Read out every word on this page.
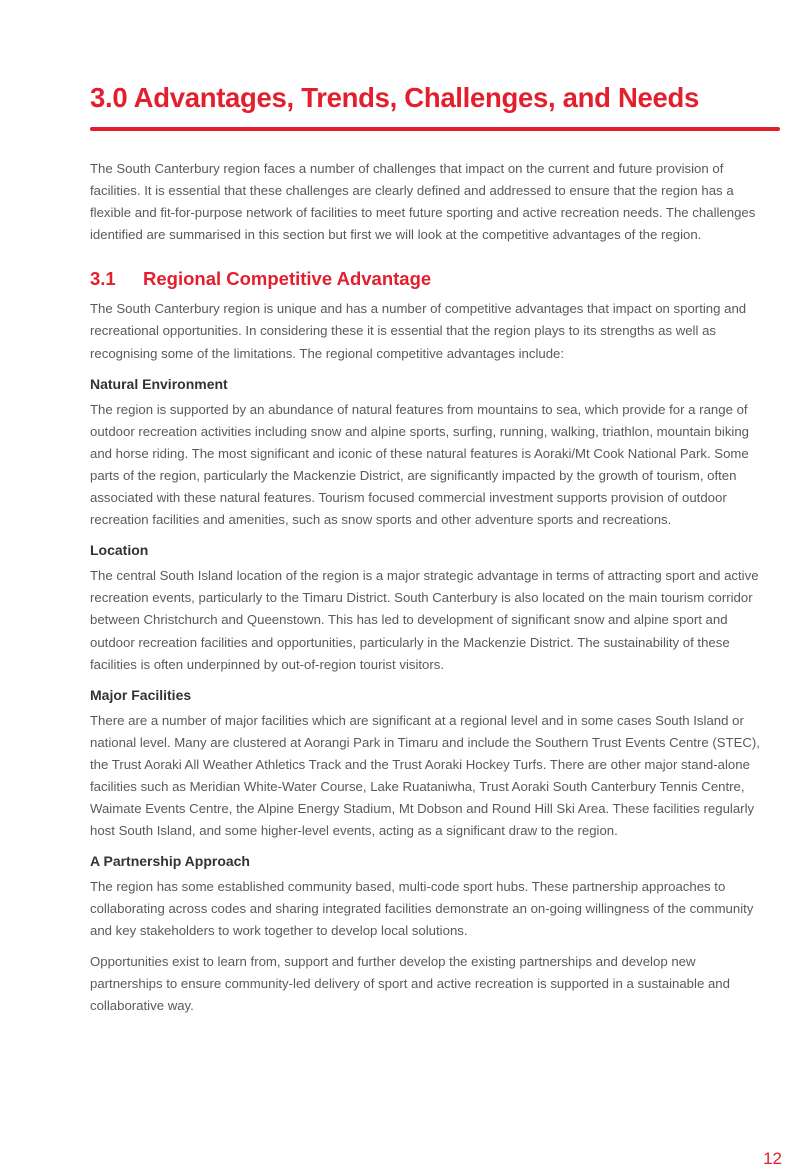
3.0 Advantages, Trends, Challenges, and Needs

The South Canterbury region faces a number of challenges that impact on the current and future provision of facilities. It is essential that these challenges are clearly defined and addressed to ensure that the region has a flexible and fit-for-purpose network of facilities to meet future sporting and active recreation needs. The challenges identified are summarised in this section but first we will look at the competitive advantages of the region.

3.1	Regional Competitive Advantage

The South Canterbury region is unique and has a number of competitive advantages that impact on sporting and recreational opportunities. In considering these it is essential that the region plays to its strengths as well as recognising some of the limitations. The regional competitive advantages include:

Natural Environment

The region is supported by an abundance of natural features from mountains to sea, which provide for a range of outdoor recreation activities including snow and alpine sports, surfing, running, walking, triathlon, mountain biking and horse riding. The most significant and iconic of these natural features is Aoraki/Mt Cook National Park. Some parts of the region, particularly the Mackenzie District, are significantly impacted by the growth of tourism, often associated with these natural features. Tourism focused commercial investment supports provision of outdoor recreation facilities and amenities, such as snow sports and other adventure sports and recreations.

Location

The central South Island location of the region is a major strategic advantage in terms of attracting sport and active recreation events, particularly to the Timaru District. South Canterbury is also located on the main tourism corridor between Christchurch and Queenstown. This has led to development of significant snow and alpine sport and outdoor recreation facilities and opportunities, particularly in the Mackenzie District. The sustainability of these facilities is often underpinned by out-of-region tourist visitors.

Major Facilities

There are a number of major facilities which are significant at a regional level and in some cases South Island or national level. Many are clustered at Aorangi Park in Timaru and include the Southern Trust Events Centre (STEC), the Trust Aoraki All Weather Athletics Track and the Trust Aoraki Hockey Turfs. There are other major stand-alone facilities such as Meridian White-Water Course, Lake Ruataniwha, Trust Aoraki South Canterbury Tennis Centre, Waimate Events Centre, the Alpine Energy Stadium, Mt Dobson and Round Hill Ski Area. These facilities regularly host South Island, and some higher-level events, acting as a significant draw to the region.

A Partnership Approach

The region has some established community based, multi-code sport hubs. These partnership approaches to collaborating across codes and sharing integrated facilities demonstrate an on-going willingness of the community and key stakeholders to work together to develop local solutions.

Opportunities exist to learn from, support and further develop the existing partnerships and develop new partnerships to ensure community-led delivery of sport and active recreation is supported in a sustainable and collaborative way.

12
